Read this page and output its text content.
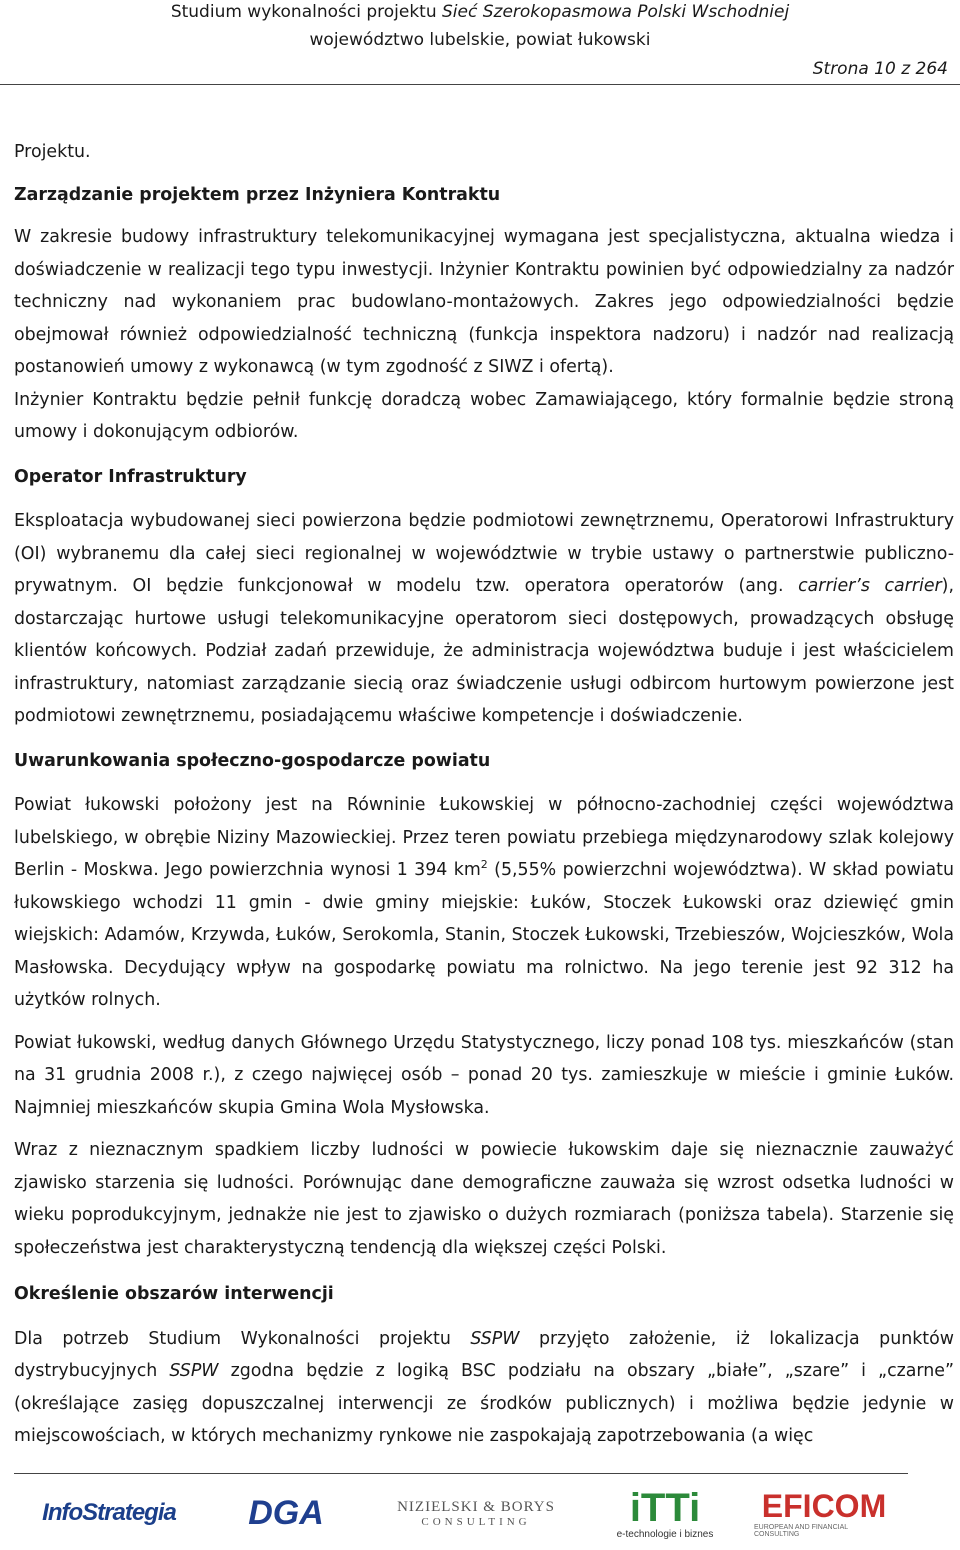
Studium wykonalności projektu Sieć Szerokopasmowa Polski Wschodniej
województwo lubelskie, powiat łukowski
Strona 10 z 264

Projektu.

Zarządzanie projektem przez Inżyniera Kontraktu

W zakresie budowy infrastruktury telekomunikacyjnej wymagana jest specjalistyczna, aktualna wiedza i doświadczenie w realizacji tego typu inwestycji. Inżynier Kontraktu powinien być odpowiedzialny za nadzór techniczny nad wykonaniem prac budowlano-montażowych. Zakres jego odpowiedzialności będzie obejmował również odpowiedzialność techniczną (funkcja inspektora nadzoru) i nadzór nad realizacją postanowień umowy z wykonawcą (w tym zgodność z SIWZ i ofertą).

Inżynier Kontraktu będzie pełnił funkcję doradczą wobec Zamawiającego, który formalnie będzie stroną umowy i dokonującym odbiorów.

Operator Infrastruktury

Eksploatacja wybudowanej sieci powierzona będzie podmiotowi zewnętrznemu, Operatorowi Infrastruktury (OI) wybranemu dla całej sieci regionalnej w województwie w trybie ustawy o partnerstwie publiczno-prywatnym. OI będzie funkcjonował w modelu tzw. operatora operatorów (ang. carrier’s carrier), dostarczając hurtowe usługi telekomunikacyjne operatorom sieci dostępowych, prowadzących obsługę klientów końcowych. Podział zadań przewiduje, że administracja województwa buduje i jest właścicielem infrastruktury, natomiast zarządzanie siecią oraz świadczenie usługi odbircom hurtowym powierzone jest podmiotowi zewnętrznemu, posiadającemu właściwe kompetencje i doświadczenie.

Uwarunkowania społeczno-gospodarcze powiatu

Powiat łukowski położony jest na Równinie Łukowskiej w północno-zachodniej części województwa lubelskiego, w obrębie Niziny Mazowieckiej. Przez teren powiatu przebiega międzynarodowy szlak kolejowy Berlin - Moskwa. Jego powierzchnia wynosi 1 394 $km^2$ (5,55% powierzchni województwa). W skład powiatu łukowskiego wchodzi 11 gmin - dwie gminy miejskie: Łuków, Stoczek Łukowski oraz dziewięć gmin wiejskich: Adamów, Krzywda, Łuków, Serokomla, Stanin, Stoczek Łukowski, Trzebieszów, Wojcieszków, Wola Masłowska. Decydujący wpływ na gospodarkę powiatu ma rolnictwo. Na jego terenie jest 92 312 ha użytków rolnych.

Powiat łukowski, według danych Głównego Urzędu Statystycznego, liczy ponad 108 tys. mieszkańców (stan na 31 grudnia 2008 r.), z czego najwięcej osób – ponad 20 tys. zamieszkuje w mieście i gminie Łuków. Najmniej mieszkańców skupia Gmina Wola Mysłowska.

Wraz z nieznacznym spadkiem liczby ludności w powiecie łukowskim daje się nieznacznie zauważyć zjawisko starzenia się ludności. Porównując dane demograficzne zauważa się wzrost odsetka ludności w wieku poprodukcyjnym, jednakże nie jest to zjawisko o dużych rozmiarach (poniższa tabela). Starzenie się społeczeństwa jest charakterystyczną tendencją dla większej części Polski.

Określenie obszarów interwencji

Dla potrzeb Studium Wykonalności projektu SSPW przyjęto założenie, iż lokalizacja punktów dystrybucyjnych SSPW zgodna będzie z logiką BSC podziału na obszary „białe”, „szare” i „czarne” (określające zasięg dopuszczalnej interwencji ze środków publicznych) i możliwa będzie jedynie w miejscowościach, w których mechanizmy rynkowe nie zaspokajają zapotrzebowania (a więc

InfoStrategia DGA	NIZIELSKI & BORYS
CONSULTING iTTi
e-technologie i biznes
EFICOM
EUROPEAN AND FINANCIAL CONSULTING
